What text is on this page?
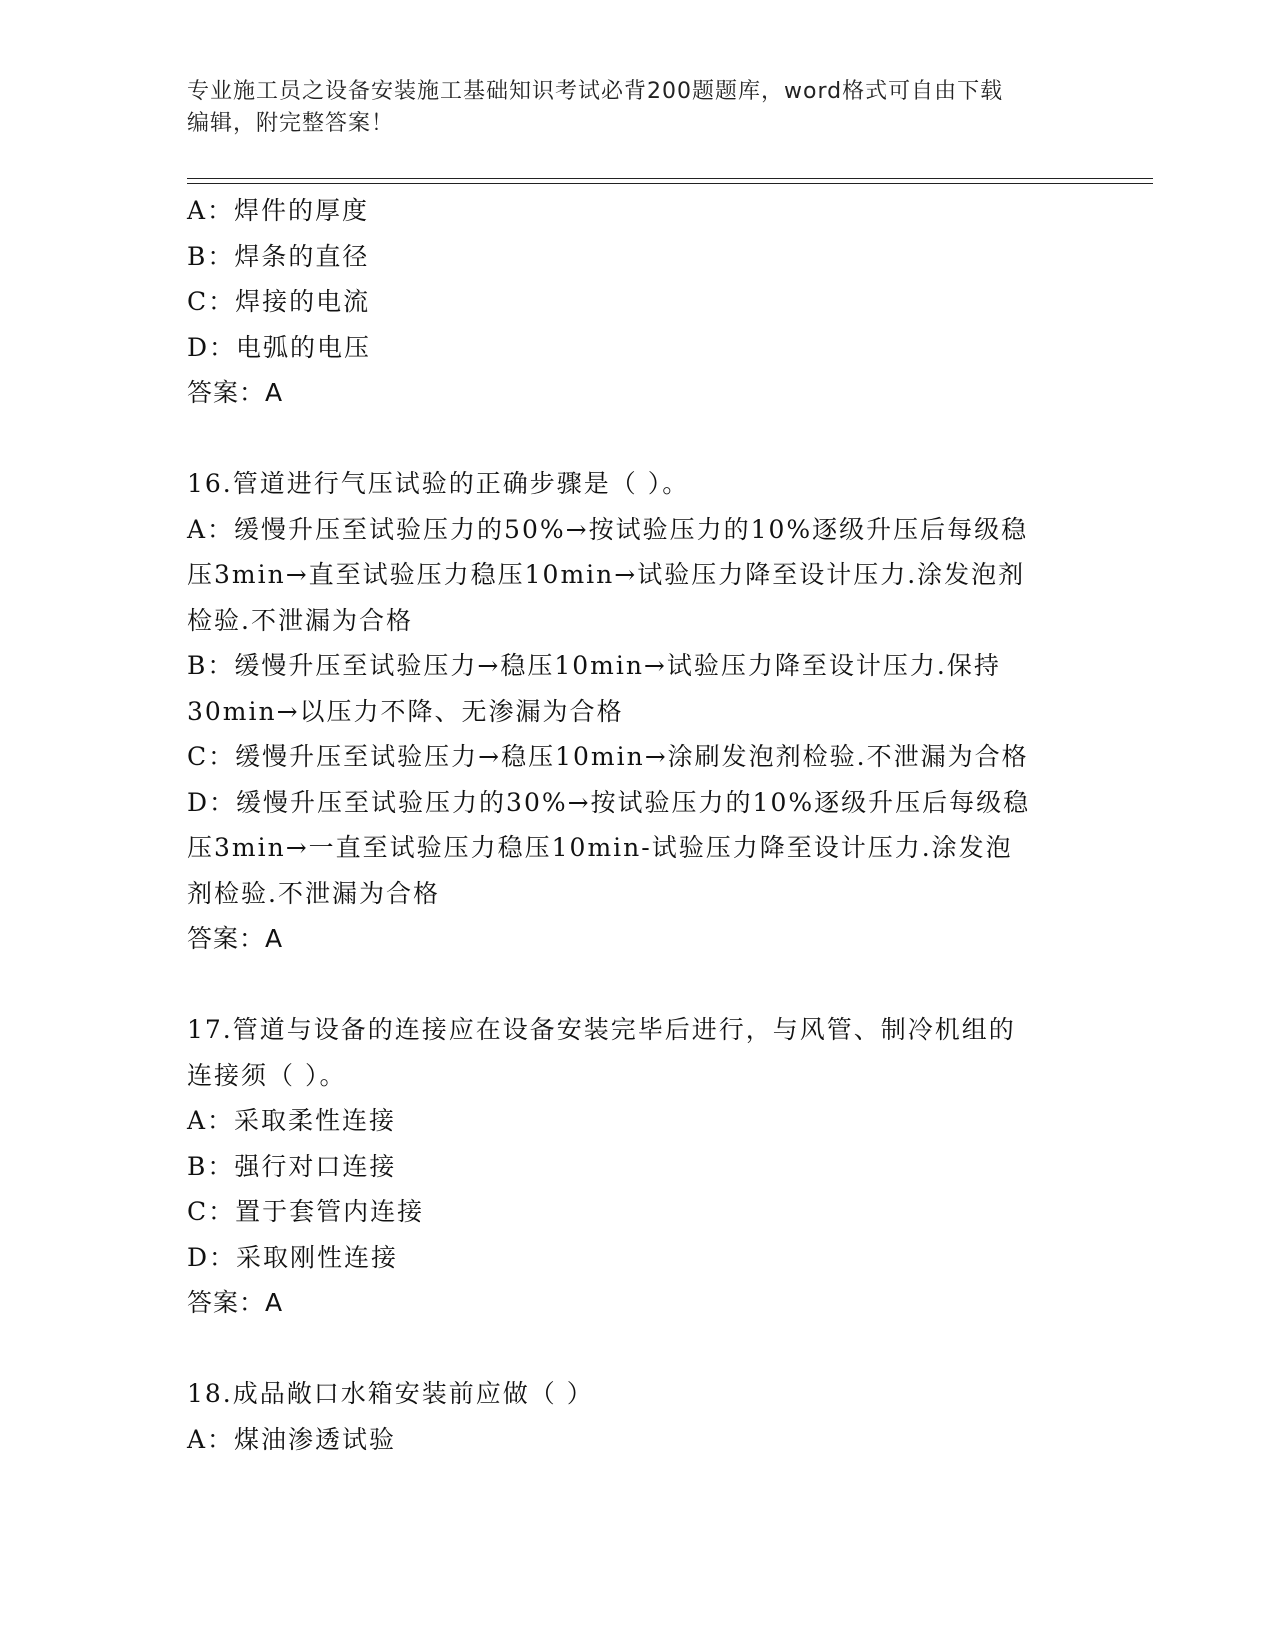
专业施工员之设备安装施工基础知识考试必背200题题库，word格式可自由下载
编辑，附完整答案！
A：焊件的厚度
B：焊条的直径
C：焊接的电流
D：电弧的电压
答案：A
16.管道进行气压试验的正确步骤是（ ）。
A：缓慢升压至试验压力的50%→按试验压力的10%逐级升压后每级稳
压3min→直至试验压力稳压10min→试验压力降至设计压力.涂发泡剂
检验.不泄漏为合格
B：缓慢升压至试验压力→稳压10min→试验压力降至设计压力.保持
30min→以压力不降、无渗漏为合格
C：缓慢升压至试验压力→稳压10min→涂刷发泡剂检验.不泄漏为合格
D：缓慢升压至试验压力的30%→按试验压力的10%逐级升压后每级稳
压3min→一直至试验压力稳压10min-试验压力降至设计压力.涂发泡
剂检验.不泄漏为合格
答案：A
17.管道与设备的连接应在设备安装完毕后进行，与风管、制冷机组的
连接须（ ）。
A：采取柔性连接
B：强行对口连接
C：置于套管内连接
D：采取刚性连接
答案：A
18.成品敞口水箱安装前应做（ ）
A：煤油渗透试验
